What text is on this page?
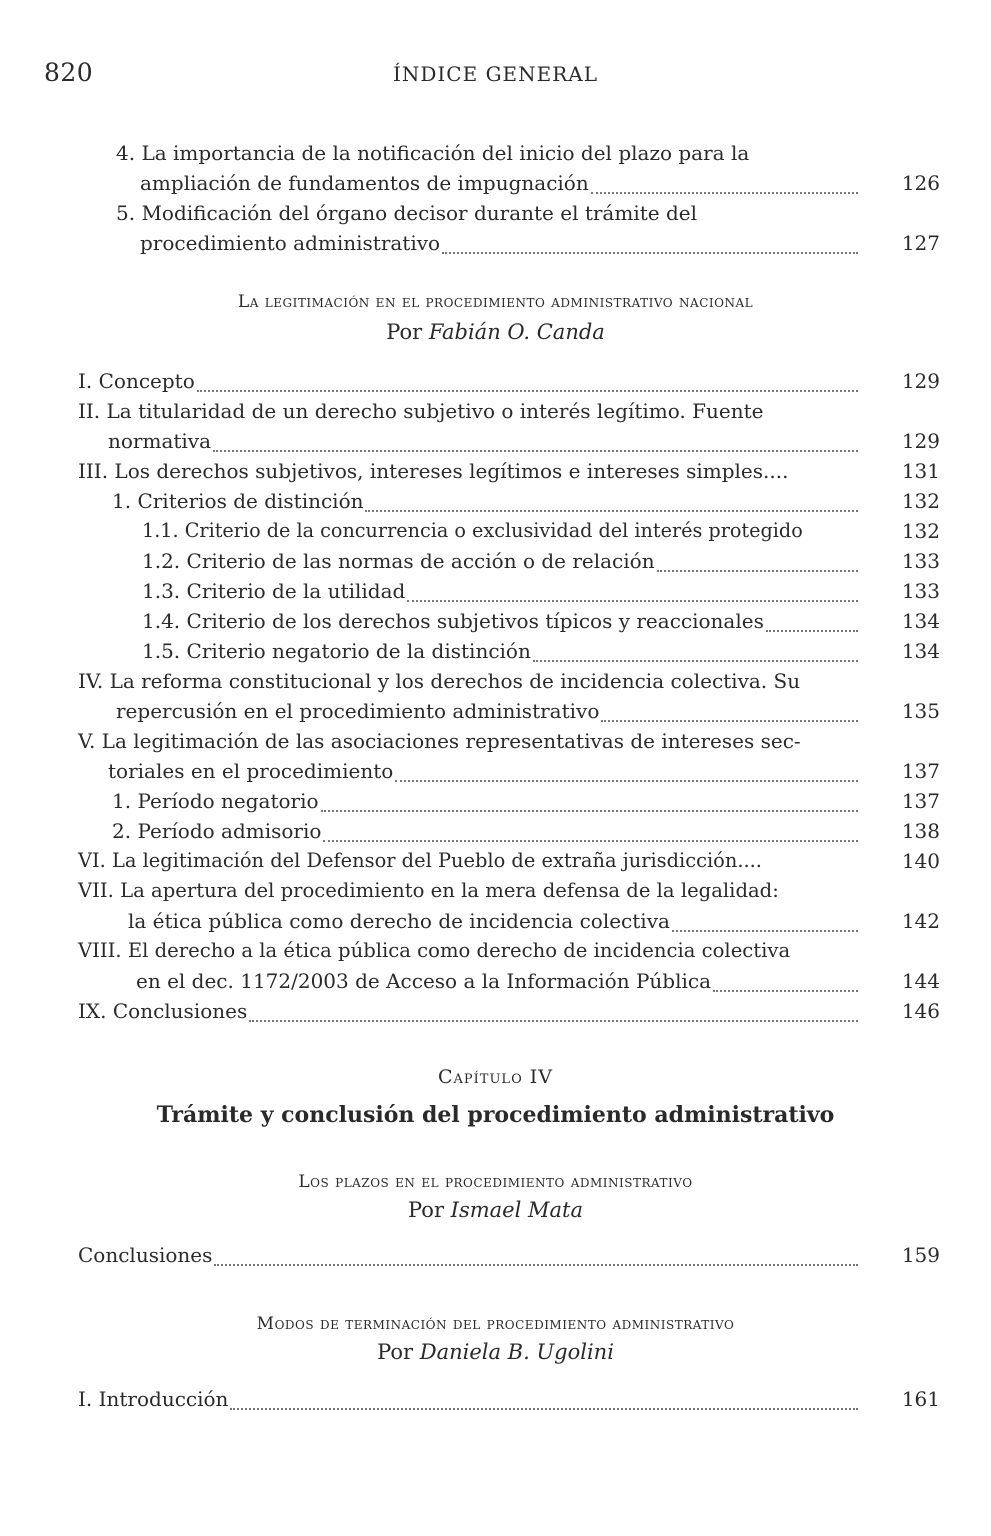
820	ÍNDICE GENERAL
4. La importancia de la notificación del inicio del plazo para la
ampliación de fundamentos de impugnación	126
5. Modificación del órgano decisor durante el trámite del
procedimiento administrativo	127
La legitimación en el procedimiento administrativo nacional
Por Fabián O. Canda
I. Concepto	129
II. La titularidad de un derecho subjetivo o interés legítimo. Fuente
normativa	129
III. Los derechos subjetivos, intereses legítimos e intereses simples....	131
1. Criterios de distinción	132
1.1. Criterio de la concurrencia o exclusividad del interés protegido	132
1.2. Criterio de las normas de acción o de relación	133
1.3. Criterio de la utilidad	133
1.4. Criterio de los derechos subjetivos típicos y reaccionales	134
1.5. Criterio negatorio de la distinción	134
IV. La reforma constitucional y los derechos de incidencia colectiva. Su
repercusión en el procedimiento administrativo	135
V. La legitimación de las asociaciones representativas de intereses sec-
toriales en el procedimiento	137
1. Período negatorio	137
2. Período admisorio	138
VI. La legitimación del Defensor del Pueblo de extraña jurisdicción....	140
VII. La apertura del procedimiento en la mera defensa de la legalidad:
la ética pública como derecho de incidencia colectiva	142
VIII. El derecho a la ética pública como derecho de incidencia colectiva
en el dec. 1172/2003 de Acceso a la Información Pública	144
IX. Conclusiones	146
Capítulo IV
Trámite y conclusión del procedimiento administrativo
Los plazos en el procedimiento administrativo
Por Ismael Mata
Conclusiones	159
Modos de terminación del procedimiento administrativo
Por Daniela B. Ugolini
I. Introducción	161
